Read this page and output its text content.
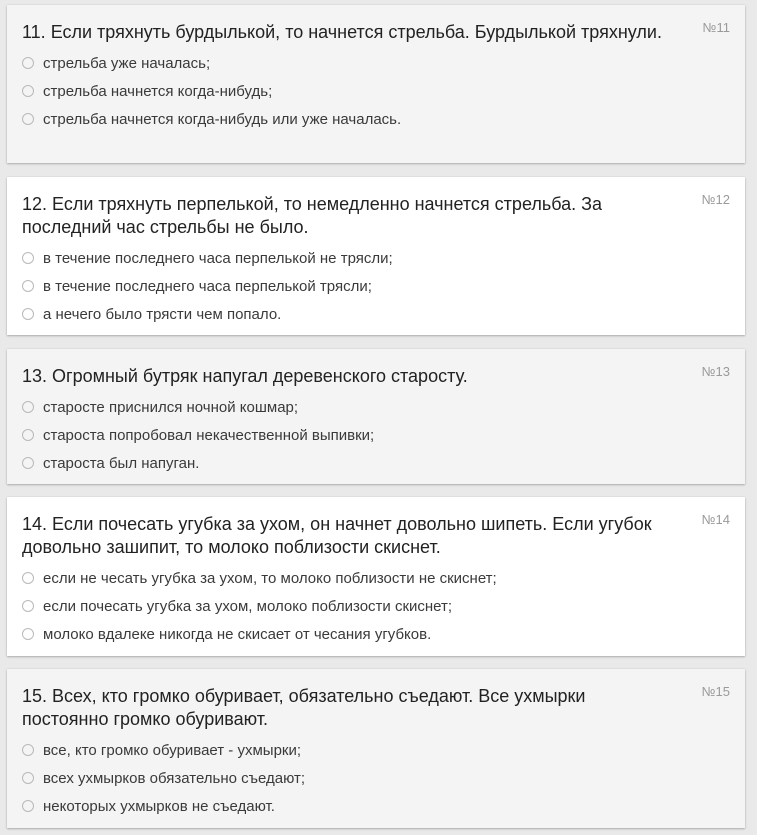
11. Если тряхнуть бурдылькой, то начнется стрельба. Бурдылькой тряхнули.	№11
стрельба уже началась;
стрельба начнется когда-нибудь;
стрельба начнется когда-нибудь или уже началась.
12. Если тряхнуть перпелькой, то немедленно начнется стрельба. За последний час стрельбы не было.
№12
в течение последнего часа перпелькой не трясли;
в течение последнего часа перпелькой трясли;
а нечего было трясти чем попало.
13. Огромный бутряк напугал деревенского старосту.	№13
старосте приснился ночной кошмар;
староста попробовал некачественной выпивки;
староста был напуган.
14. Если почесать угубка за ухом, он начнет довольно шипеть. Если угубок довольно зашипит, то молоко поблизости скиснет.
№14
если не чесать угубка за ухом, то молоко поблизости не скиснет;
если почесать угубка за ухом, молоко поблизости скиснет;
молоко вдалеке никогда не скисает от чесания угубков.
15. Всех, кто громко обуривает, обязательно съедают. Все ухмырки постоянно громко обуривают.
№15
все, кто громко обуривает - ухмырки;
всех ухмырков обязательно съедают;
некоторых ухмырков не съедают.
